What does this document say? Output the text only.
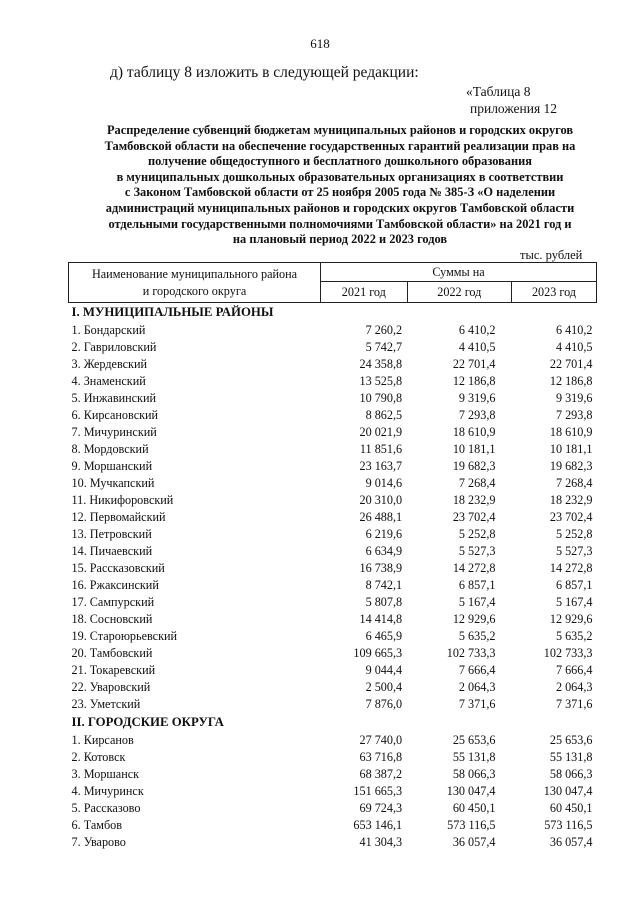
618
д) таблицу 8 изложить в следующей редакции:
«Таблица 8
приложения 12
Распределение субвенций бюджетам муниципальных районов и городских округов
Тамбовской области на обеспечение государственных гарантий реализации прав на
получение общедоступного и бесплатного дошкольного образования
в муниципальных дошкольных образовательных организациях в соответствии
с Законом Тамбовской области от 25 ноября 2005 года № 385-З «О наделении
администраций муниципальных районов и городских округов Тамбовской области
отдельными государственными полномочиями Тамбовской области» на 2021 год и
на плановый период 2022 и 2023 годов
тыс. рублей
Наименование муниципального района
и городского округа	Суммы на		
	2021 год	2022 год	2023 год
I. МУНИЦИПАЛЬНЫЕ РАЙОНЫ			
1. Бондарский	7 260,2	6 410,2	6 410,2
2. Гавриловский	5 742,7	4 410,5	4 410,5
3. Жердевский	24 358,8	22 701,4	22 701,4
4. Знаменский	13 525,8	12 186,8	12 186,8
5. Инжавинский	10 790,8	9 319,6	9 319,6
6. Кирсановский	8 862,5	7 293,8	7 293,8
7. Мичуринский	20 021,9	18 610,9	18 610,9
8. Мордовский	11 851,6	10 181,1	10 181,1
9. Моршанский	23 163,7	19 682,3	19 682,3
10. Мучкапский	9 014,6	7 268,4	7 268,4
11. Никифоровский	20 310,0	18 232,9	18 232,9
12. Первомайский	26 488,1	23 702,4	23 702,4
13. Петровский	6 219,6	5 252,8	5 252,8
14. Пичаевский	6 634,9	5 527,3	5 527,3
15. Рассказовский	16 738,9	14 272,8	14 272,8
16. Ржаксинский	8 742,1	6 857,1	6 857,1
17. Сампурский	5 807,8	5 167,4	5 167,4
18. Сосновский	14 414,8	12 929,6	12 929,6
19. Староюрьевский	6 465,9	5 635,2	5 635,2
20. Тамбовский	109 665,3	102 733,3	102 733,3
21. Токаревский	9 044,4	7 666,4	7 666,4
22. Уваровский	2 500,4	2 064,3	2 064,3
23. Уметский	7 876,0	7 371,6	7 371,6
II. ГОРОДСКИЕ ОКРУГА			
1. Кирсанов	27 740,0	25 653,6	25 653,6
2. Котовск	63 716,8	55 131,8	55 131,8
3. Моршанск	68 387,2	58 066,3	58 066,3
4. Мичуринск	151 665,3	130 047,4	130 047,4
5. Рассказово	69 724,3	60 450,1	60 450,1
6. Тамбов	653 146,1	573 116,5	573 116,5
7. Уварово	41 304,3	36 057,4	36 057,4
